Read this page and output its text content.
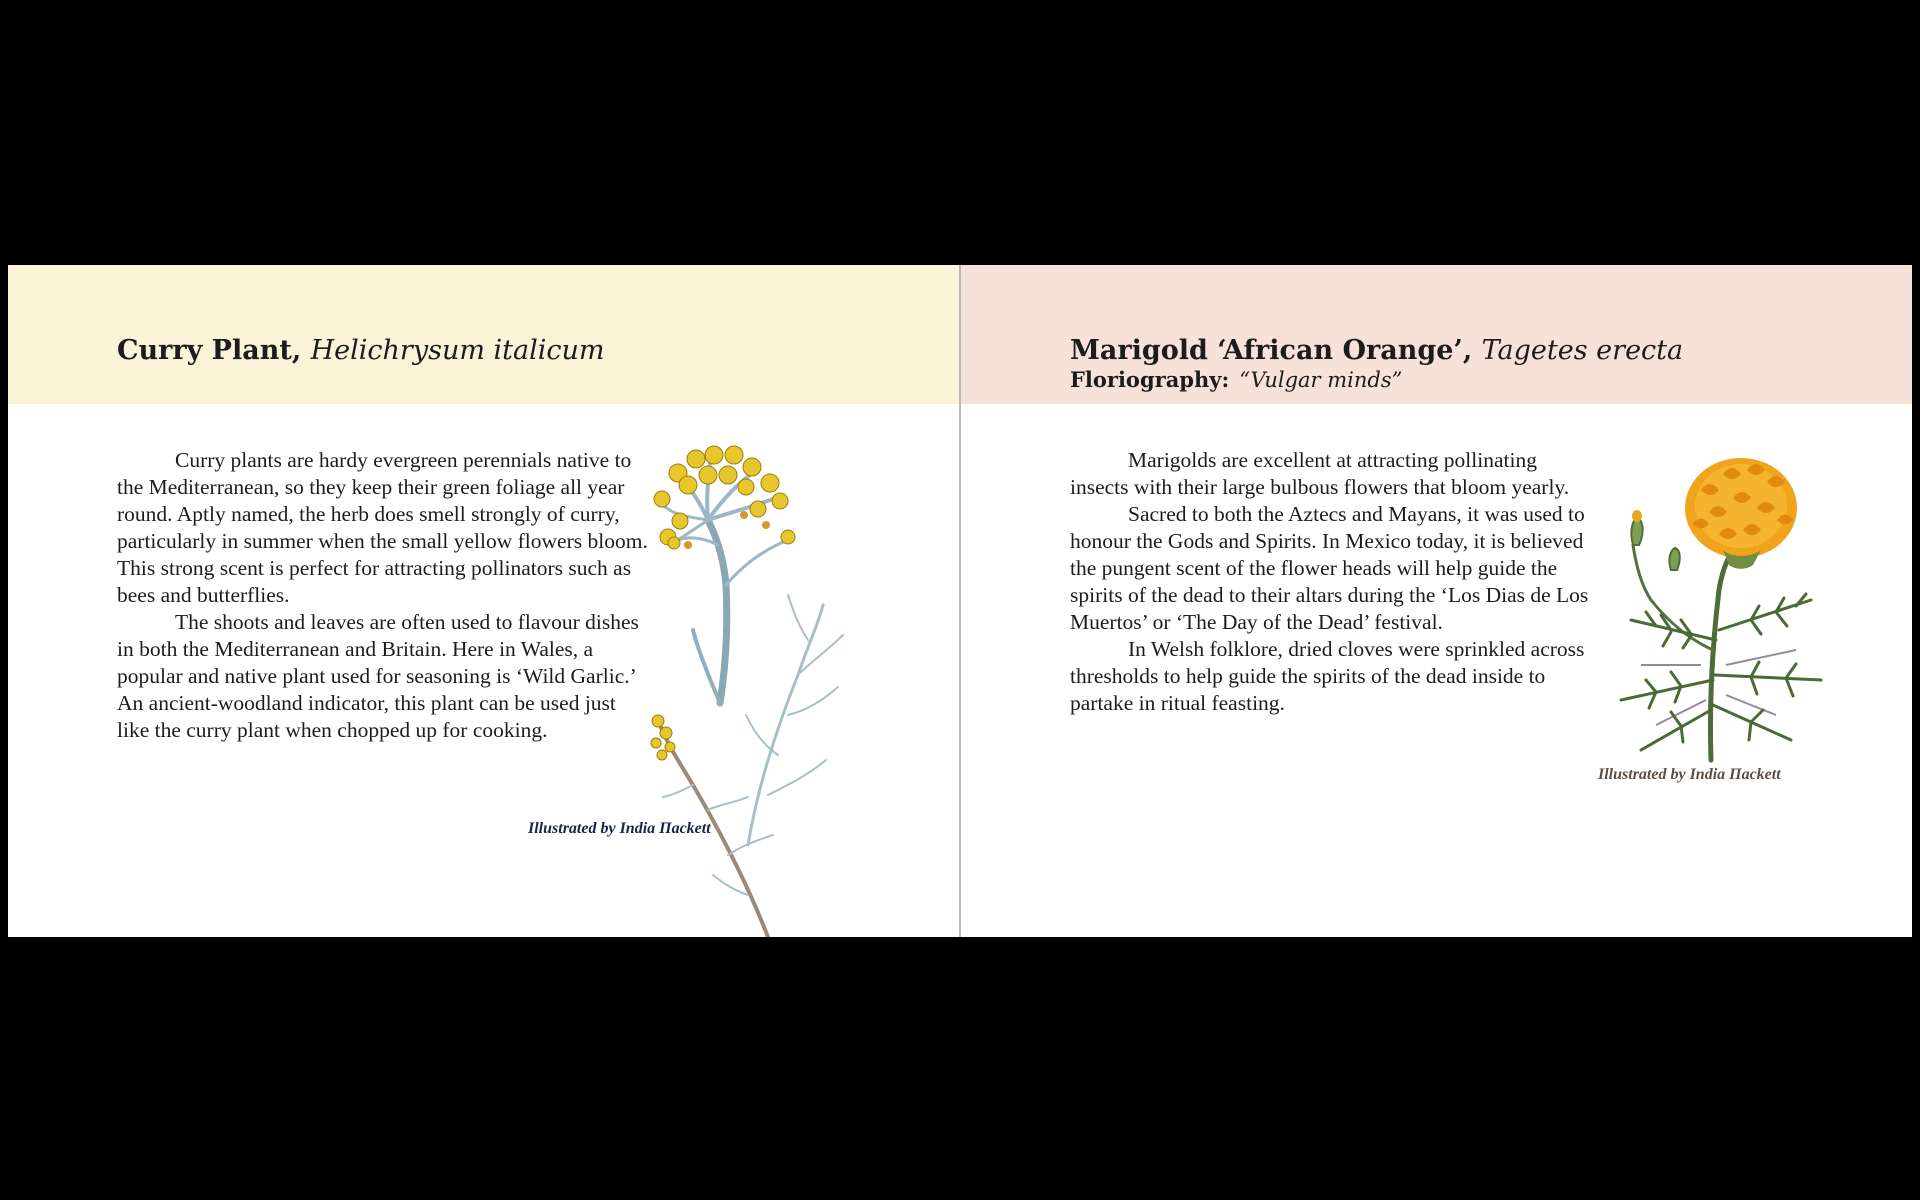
Curry Plant, Helichrysum italicum

Curry plants are hardy evergreen perennials native to the Mediterranean, so they keep their green foliage all year round. Aptly named, the herb does smell strongly of curry, particularly in summer when the small yellow flowers bloom. This strong scent is perfect for attracting pollinators such as bees and butterflies.

The shoots and leaves are often used to flavour dishes in both the Mediterranean and Britain. Here in Wales, a popular and native plant used for seasoning is ‘Wild Garlic.’ An ancient-woodland indicator, this plant can be used just like the curry plant when chopped up for cooking.

Illustrated by India Пackett
Marigold ‘African Orange’, Tagetes erecta
Floriography: “Vulgar minds”

Marigolds are excellent at attracting pollinating insects with their large bulbous flowers that bloom yearly.

Sacred to both the Aztecs and Mayans, it was used to honour the Gods and Spirits. In Mexico today, it is believed the pungent scent of the flower heads will help guide the spirits of the dead to their altars during the ‘Los Dias de Los Muertos’ or ‘The Day of the Dead’ festival.

In Welsh folklore, dried cloves were sprinkled across thresholds to help guide the spirits of the dead inside to partake in ritual feasting.

Illustrated by India Пackett
